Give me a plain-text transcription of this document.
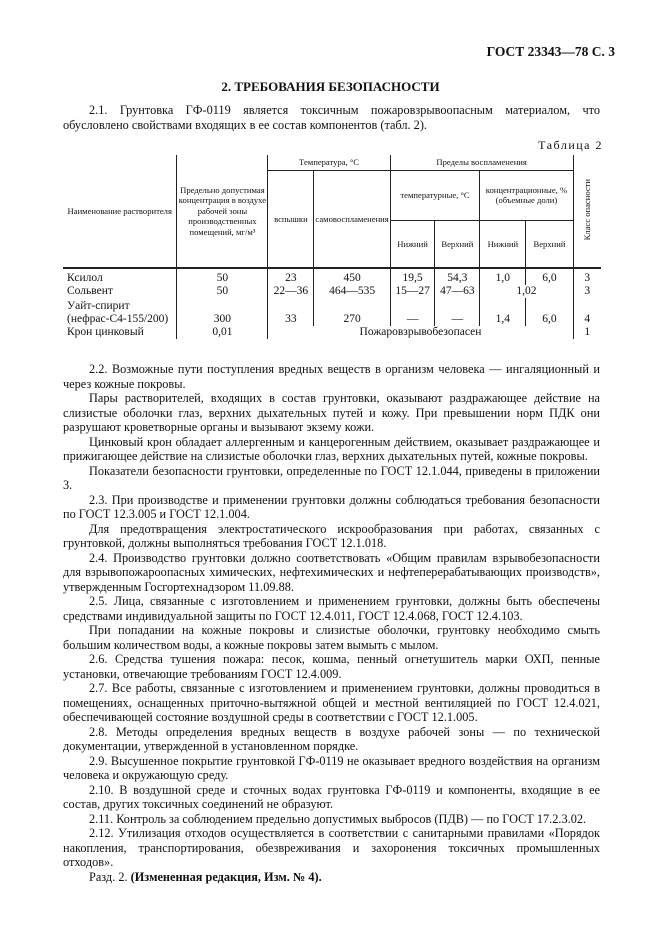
ГОСТ 23343—78 С. 3
2. ТРЕБОВАНИЯ БЕЗОПАСНОСТИ
2.1. Грунтовка ГФ-0119 является токсичным пожаровзрывоопасным материалом, что обусловлено свойствами входящих в ее состав компонентов (табл. 2).
Таблица 2
Наименование растворителя	Предельно допустимая концентрация в воздухе рабочей зоны производственных помещений, мг/м³	Температура, °С		Пределы воспламенения				Класс опасности
		вспышки	самовоспламенения	температурные, °С		концентрационные, % (объемные доли)		
				Нижний	Верхний	Нижний	Верхний	
Ксилол	50	23	450	19,5	54,3	1,0	6,0	3
Сольвент	50	22—36	464—535	15—27	47—63	1,02		3
Уайт-спирит (нефрас-С4-155/200)	300	33	270	—	—	1,4	6,0	4
Крон цинковый	0,01	Пожаровзрывобезопасен						1
2.2. Возможные пути поступления вредных веществ в организм человека — ингаляционный и через кожные покровы.
Пары растворителей, входящих в состав грунтовки, оказывают раздражающее действие на слизистые оболочки глаз, верхних дыхательных путей и кожу. При превышении норм ПДК они разрушают кроветворные органы и вызывают экзему кожи.
Цинковый крон обладает аллергенным и канцерогенным действием, оказывает раздражающее и прижигающее действие на слизистые оболочки глаз, верхних дыхательных путей, кожные покровы.
Показатели безопасности грунтовки, определенные по ГОСТ 12.1.044, приведены в приложении 3.
2.3. При производстве и применении грунтовки должны соблюдаться требования безопасности по ГОСТ 12.3.005 и ГОСТ 12.1.004.
Для предотвращения электростатического искрообразования при работах, связанных с грунтовкой, должны выполняться требования ГОСТ 12.1.018.
2.4. Производство грунтовки должно соответствовать «Общим правилам взрывобезопасности для взрывопожароопасных химических, нефтехимических и нефтеперерабатывающих производств», утвержденным Госгортехнадзором 11.09.88.
2.5. Лица, связанные с изготовлением и применением грунтовки, должны быть обеспечены средствами индивидуальной защиты по ГОСТ 12.4.011, ГОСТ 12.4.068, ГОСТ 12.4.103.
При попадании на кожные покровы и слизистые оболочки, грунтовку необходимо смыть большим количеством воды, а кожные покровы затем вымыть с мылом.
2.6. Средства тушения пожара: песок, кошма, пенный огнетушитель марки ОХП, пенные установки, отвечающие требованиям ГОСТ 12.4.009.
2.7. Все работы, связанные с изготовлением и применением грунтовки, должны проводиться в помещениях, оснащенных приточно-вытяжной общей и местной вентиляцией по ГОСТ 12.4.021, обеспечивающей состояние воздушной среды в соответствии с ГОСТ 12.1.005.
2.8. Методы определения вредных веществ в воздухе рабочей зоны — по технической документации, утвержденной в установленном порядке.
2.9. Высушенное покрытие грунтовкой ГФ-0119 не оказывает вредного воздействия на организм человека и окружающую среду.
2.10. В воздушной среде и сточных водах грунтовка ГФ-0119 и компоненты, входящие в ее состав, других токсичных соединений не образуют.
2.11. Контроль за соблюдением предельно допустимых выбросов (ПДВ) — по ГОСТ 17.2.3.02.
2.12. Утилизация отходов осуществляется в соответствии с санитарными правилами «Порядок накопления, транспортирования, обезвреживания и захоронения токсичных промышленных отходов».
Разд. 2. (Измененная редакция, Изм. № 4).
